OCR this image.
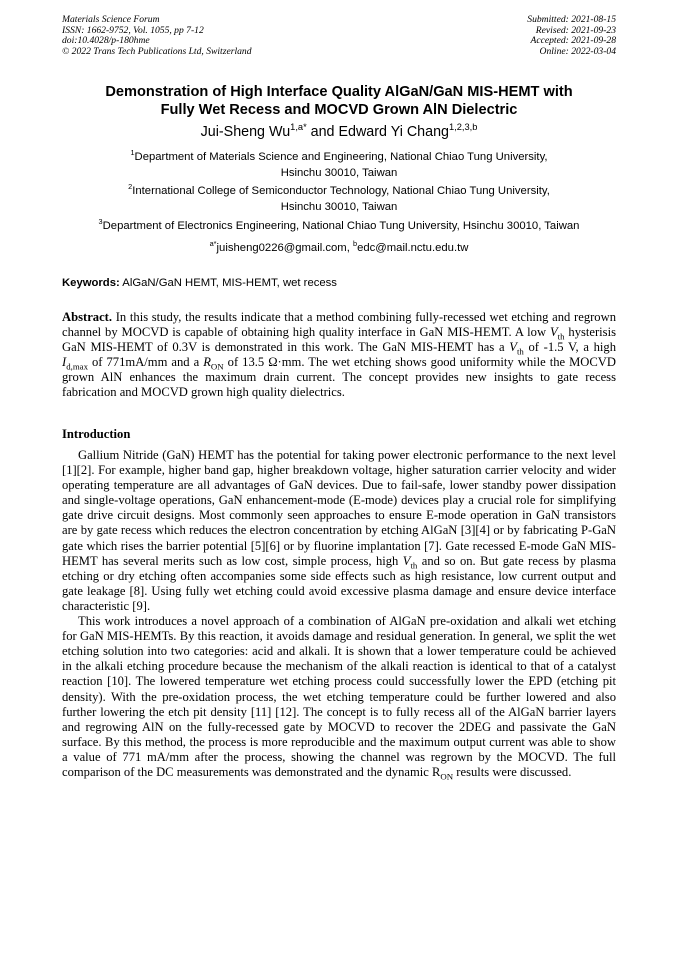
Materials Science Forum
ISSN: 1662-9752, Vol. 1055, pp 7-12
doi:10.4028/p-180hme
© 2022 Trans Tech Publications Ltd, Switzerland
Submitted: 2021-08-15
Revised: 2021-09-23
Accepted: 2021-09-28
Online: 2022-03-04
Demonstration of High Interface Quality AlGaN/GaN MIS-HEMT with
Fully Wet Recess and MOCVD Grown AlN Dielectric
Jui-Sheng $Wu^{1,a*}$ and Edward Yi Chang$^{1,2,3,b}$
$^1$Department of Materials Science and Engineering, National Chiao Tung University,
Hsinchu 30010, Taiwan
$^2$International College of Semiconductor Technology, National Chiao Tung University,
Hsinchu 30010, Taiwan
$^3$Department of Electronics Engineering, National Chiao Tung University, Hsinchu 30010, Taiwan
$^{a*}$juisheng0226@gmail.com, $^b$edc@mail.nctu.edu.tw
Keywords: AlGaN/GaN HEMT, MIS-HEMT, wet recess
Abstract. In this study, the results indicate that a method combining fully-recessed wet etching and regrown channel by MOCVD is capable of obtaining high quality interface in GaN MIS-HEMT. A low $V_{th}$ hysterisis GaN MIS-HEMT of 0.3V is demonstrated in this work. The GaN MIS-HEMT has a $V_{th}$ of -1.5 V, a high $I_{d,max}$ of 771mA/mm and a $R_{ON}$ of 13.5 Ω·mm. The wet etching shows good uniformity while the MOCVD grown AlN enhances the maximum drain current. The concept provides new insights to gate recess fabrication and MOCVD grown high quality dielectrics.
Introduction

Gallium Nitride (GaN) HEMT has the potential for taking power electronic performance to the next level [1][2]. For example, higher band gap, higher breakdown voltage, higher saturation carrier velocity and wider operating temperature are all advantages of GaN devices. Due to fail-safe, lower standby power dissipation and single-voltage operations, GaN enhancement-mode (E-mode) devices play a crucial role for simplifying gate drive circuit designs. Most commonly seen approaches to ensure E-mode operation in GaN transistors are by gate recess which reduces the electron concentration by etching AlGaN [3][4] or by fabricating P-GaN gate which rises the barrier potential [5][6] or by fluorine implantation [7]. Gate recessed E-mode GaN MIS-HEMT has several merits such as low cost, simple process, high $V_{th}$ and so on. But gate recess by plasma etching or dry etching often accompanies some side effects such as high resistance, low current output and gate leakage [8]. Using fully wet etching could avoid excessive plasma damage and ensure device interface characteristic [9].

This work introduces a novel approach of a combination of AlGaN pre-oxidation and alkali wet etching for GaN MIS-HEMTs. By this reaction, it avoids damage and residual generation. In general, we split the wet etching solution into two categories: acid and alkali. It is shown that a lower temperature could be achieved in the alkali etching procedure because the mechanism of the alkali reaction is identical to that of a catalyst reaction [10]. The lowered temperature wet etching process could successfully lower the EPD (etching pit density). With the pre-oxidation process, the wet etching temperature could be further lowered and also further lowering the etch pit density [11] [12]. The concept is to fully recess all of the AlGaN barrier layers and regrowing AlN on the fully-recessed gate by MOCVD to recover the 2DEG and passivate the GaN surface. By this method, the process is more reproducible and the maximum output current was able to show a value of 771 mA/mm after the process, showing the channel was regrown by the MOCVD. The full comparison of the DC measurements was demonstrated and the dynamic $R_{ON}$ results were discussed.
